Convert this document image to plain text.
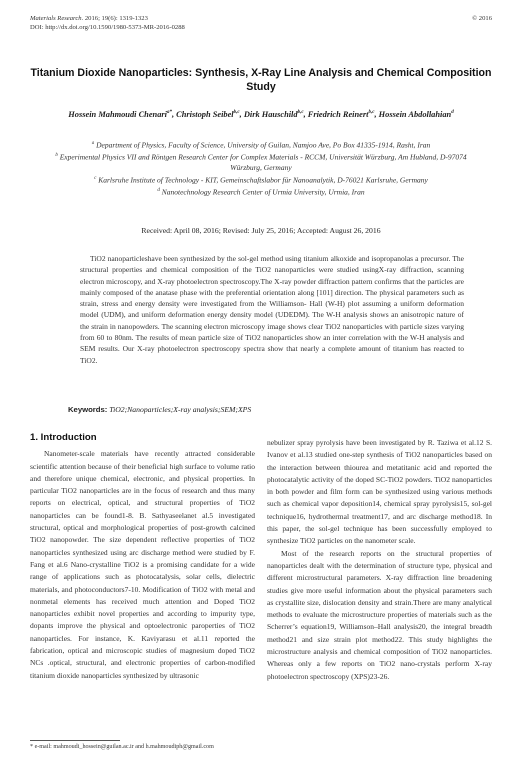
Materials Research. 2016; 19(6): 1319-1323
DOI: http://dx.doi.org/10.1590/1980-5373-MR-2016-0288
© 2016
Titanium Dioxide Nanoparticles: Synthesis, X-Ray Line Analysis and Chemical Composition Study
Hossein Mahmoudi Chenari$^{a*}$, Christoph Seibel$^{b,c}$, Dirk Hauschild$^{b,c}$, Friedrich Reinert$^{b,c}$, Hossein Abdollahian$^d$
$^a$ Department of Physics, Faculty of Science, University of Guilan, Namjoo Ave, Po Box 41335-1914, Rasht, Iran
$^b$ Experimental Physics VII and Röntgen Research Center for Complex Materials - RCCM, Universität Würzburg, Am Hubland, D-97074 Würzburg, Germany
$^c$ Karlsruhe Institute of Technology - KIT, Gemeinschaftslabor für Nanoanalytik, D-76021 Karlsruhe, Germany
$^d$ Nanotechnology Research Center of Urmia University, Urmia, Iran
Received: April 08, 2016; Revised: July 25, 2016; Accepted: August 26, 2016
TiO2 nanoparticleshave been synthesized by the sol-gel method using titanium alkoxide and isopropanolas a precursor. The structural properties and chemical composition of the TiO2 nanoparticles were studied usingX-ray diffraction, scanning electron microscopy, and X-ray photoelectron spectroscopy.The X-ray powder diffraction pattern confirms that the particles are mainly composed of the anatase phase with the preferential orientation along [101] direction. The physical parameters such as strain, stress and energy density were investigated from the Williamson- Hall (W-H) plot assuming a uniform deformation model (UDM), and uniform deformation energy density model (UDEDM). The W-H analysis shows an anisotropic nature of the strain in nanopowders. The scanning electron microscopy image shows clear TiO2 nanoparticles with particle sizes varying from 60 to 80nm. The results of mean particle size of TiO2 nanoparticles show an inter correlation with the W-H analysis and SEM results. Our X-ray photoelectron spectroscopy spectra show that nearly a complete amount of titanium has reacted to TiO2.
Keywords: TiO2;Nanoparticles;X-ray analysis;SEM;XPS
1. Introduction

Nanometer-scale materials have recently attracted considerable scientific attention because of their beneficial high surface to volume ratio and therefore unique chemical, electronic, and physical properties. In particular TiO2 nanoparticles are in the focus of research and thus many reports on electrical, optical, and structural properties of TiO2 nanoparticles can be found1-8. B. Sathyaseelanet al.5 investigated structural, optical and morphological properties of post-growth calcined TiO2 nanopowder. The size dependent reflective properties of TiO2 nanoparticles synthesized using arc discharge method were studied by F. Fang et al.6 Nano-crystalline TiO2 is a promising candidate for a wide range of applications such as photocatalysis, solar cells, dielectric materials, and photoconductors7-10. Modification of TiO2 with metal and nonmetal elements has received much attention and Doped TiO2 nanoparticles exhibit novel properties and according to impurity type, dopants improve the physical and optoelectronic paroperties of TiO2 nanoparticles. For instance, K. Kaviyarasu et al.11 reported the fabrication, optical and microscopic studies of magnesium doped TiO2 NCs .optical, structural, and electronic properties of carbon-modified titanium dioxide nanoparticles synthesized by ultrasonic

nebulizer spray pyrolysis have been investigated by R. Taziwa et al.12 S. Ivanov et al.13 studied one-step synthesis of TiO2 nanoparticles based on the interaction between thiourea and metatitanic acid and reported the photocatalytic activity of the doped SC-TiO2 powders. TiO2 nanoparticles in both powder and film form can be synthesized using various methods such as chemical vapor deposition14, chemical spray pyrolysis15, sol-gel technique16, hydrothermal treatment17, and arc discharge method18. In this paper, the sol-gel technique has been successfully employed to synthesize TiO2 particles on the nanometer scale.

Most of the research reports on the structural properties of nanoparticles dealt with the determination of structure type, physical and different microstructural parameters. X-ray diffraction line broadening studies give more useful information about the physical parameters such as crystallite size, dislocation density and strain.There are many analytical methods to evaluate the microstructure properties of materials such as the Scherrer’s equation19, Williamson–Hall analysis20, the integral breadth method21 and size strain plot method22. This study highlights the microstructure analysis and chemical composition of TiO2 nanoparticles. Whereas only a few reports on TiO2 nano-crystals perform X-ray photoelectron spectroscopy (XPS)23-26.

* e-mail: mahmoudi_hossein@guilan.ac.ir and h.mahmoudiph@gmail.com
